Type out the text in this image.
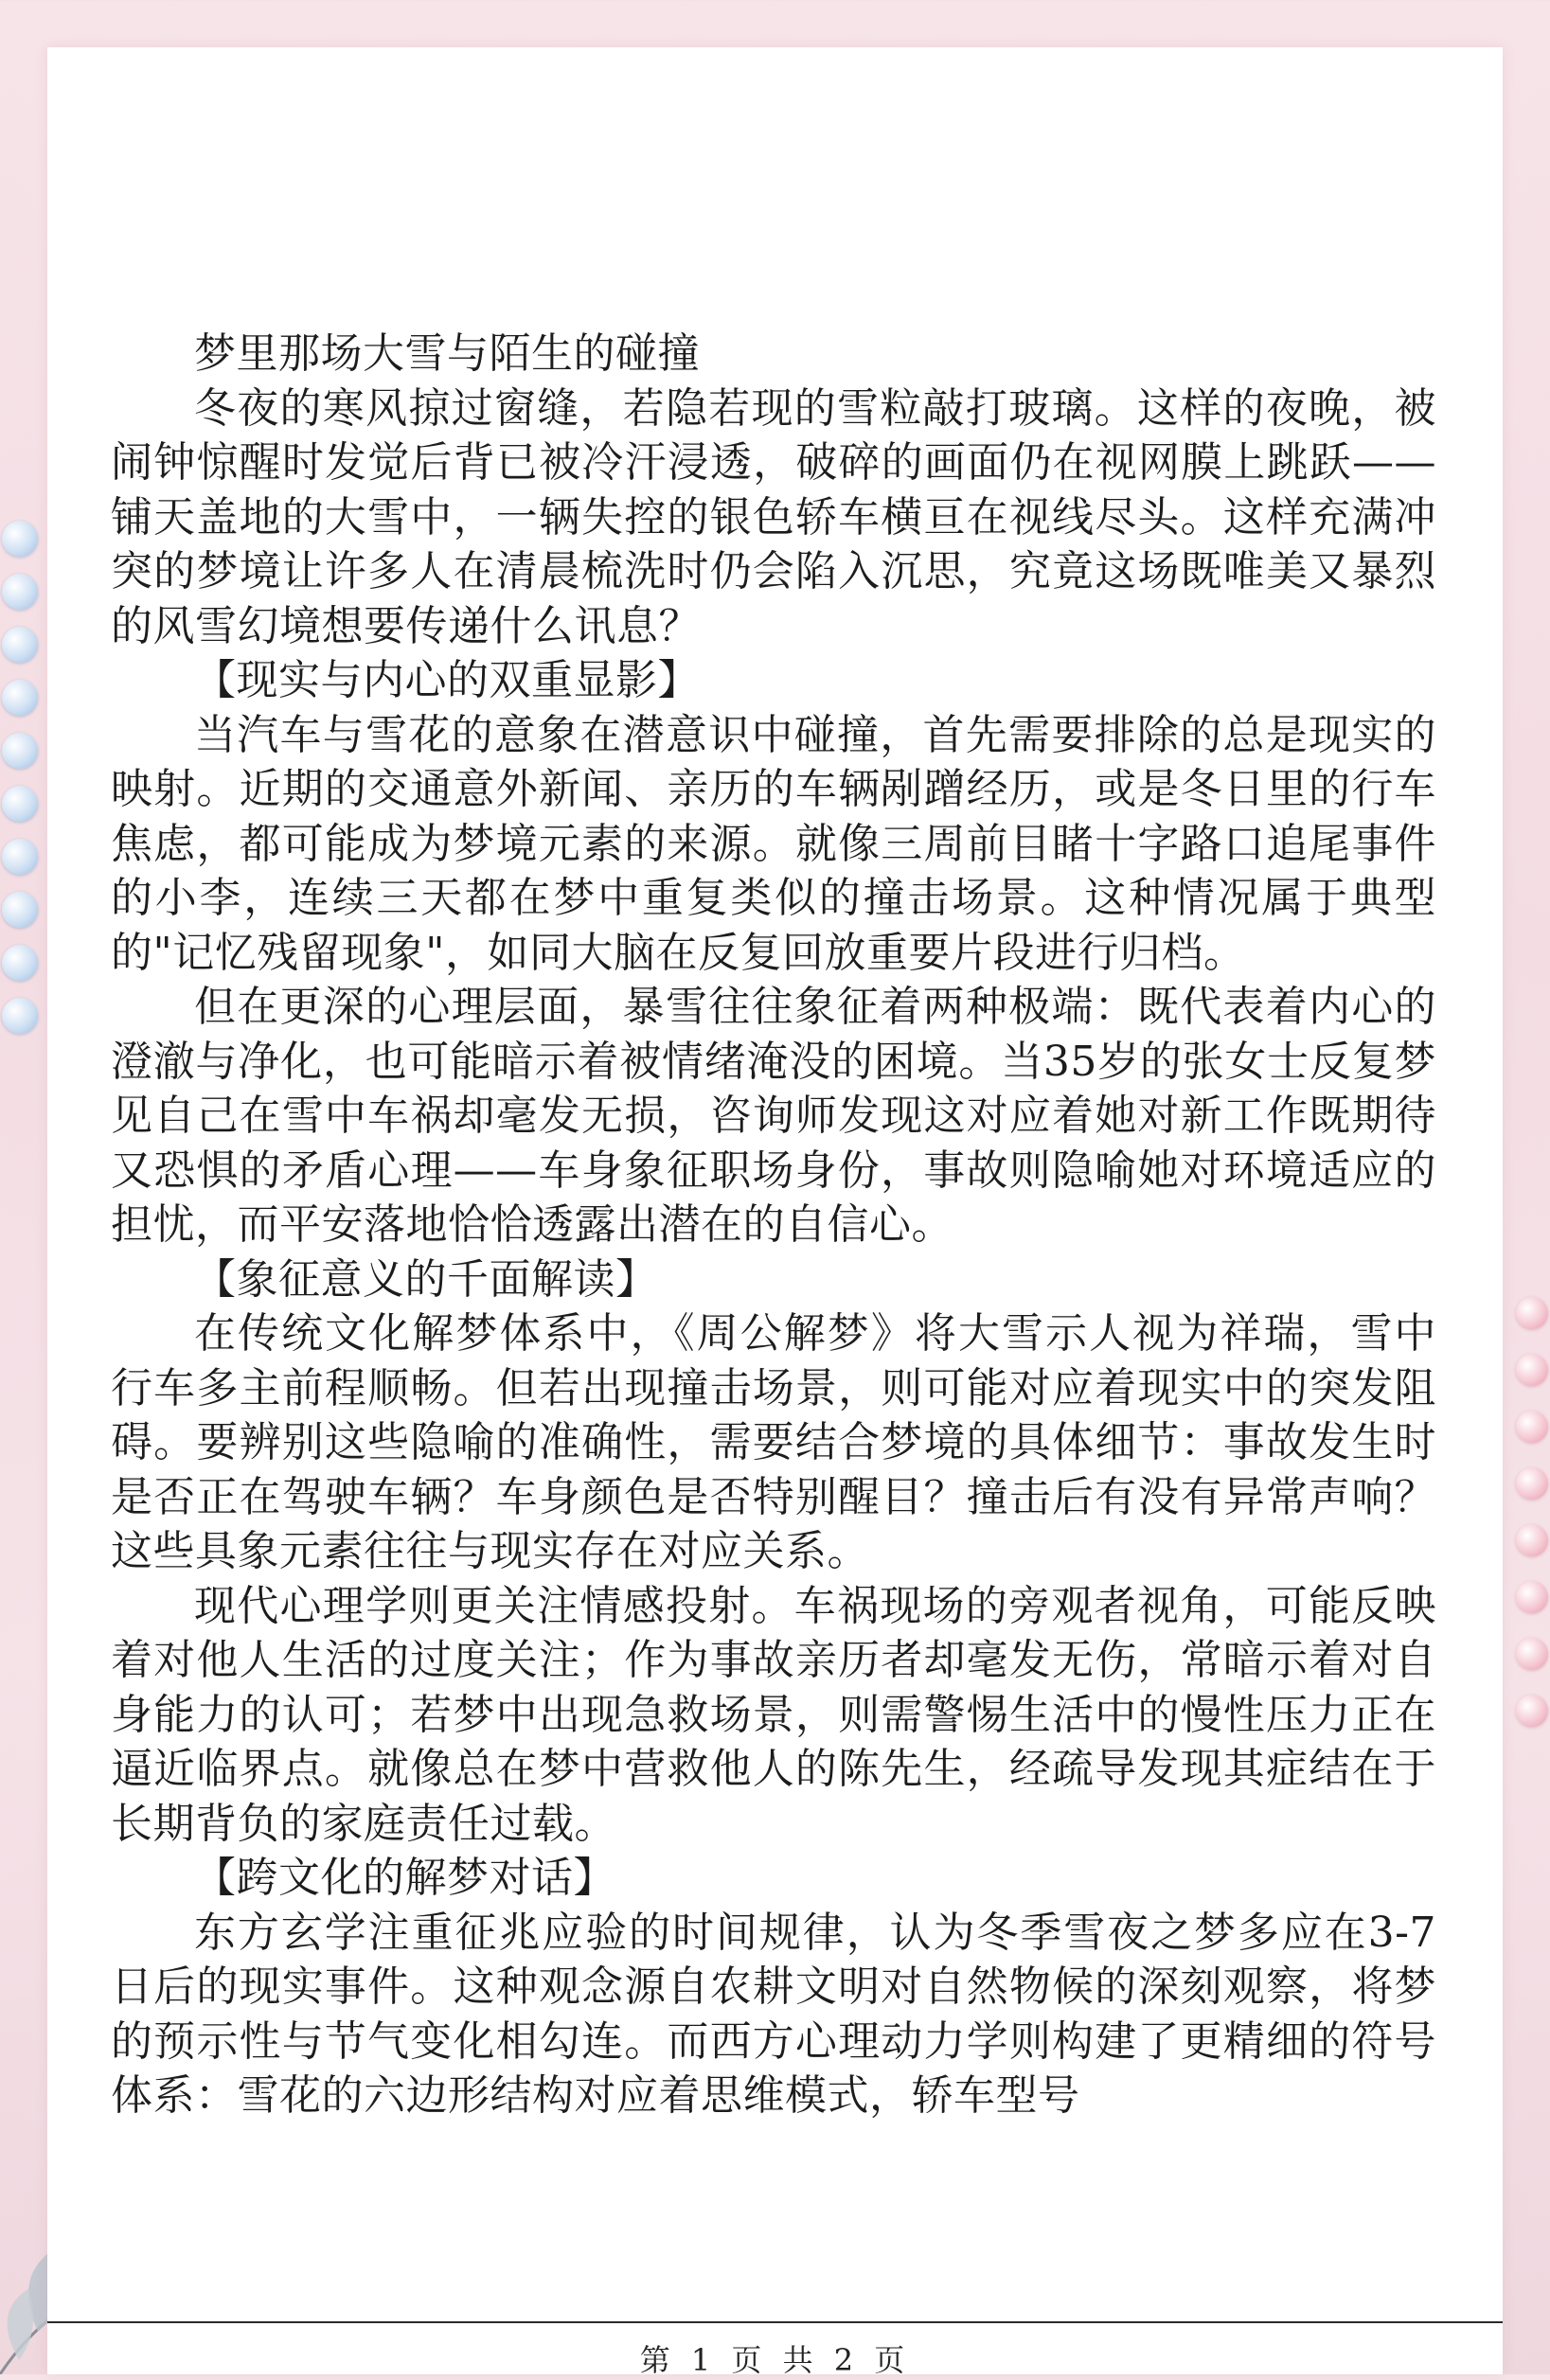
梦里那场大雪与陌生的碰撞

冬夜的寒风掠过窗缝，若隐若现的雪粒敲打玻璃。这样的夜晚，被闹钟惊醒时发觉后背已被冷汗浸透，破碎的画面仍在视网膜上跳跃——铺天盖地的大雪中，一辆失控的银色轿车横亘在视线尽头。这样充满冲突的梦境让许多人在清晨梳洗时仍会陷入沉思，究竟这场既唯美又暴烈的风雪幻境想要传递什么讯息？

【现实与内心的双重显影】

当汽车与雪花的意象在潜意识中碰撞，首先需要排除的总是现实的映射。近期的交通意外新闻、亲历的车辆剐蹭经历，或是冬日里的行车焦虑，都可能成为梦境元素的来源。就像三周前目睹十字路口追尾事件的小李，连续三天都在梦中重复类似的撞击场景。这种情况属于典型的"记忆残留现象"，如同大脑在反复回放重要片段进行归档。

但在更深的心理层面，暴雪往往象征着两种极端：既代表着内心的澄澈与净化，也可能暗示着被情绪淹没的困境。当35岁的张女士反复梦见自己在雪中车祸却毫发无损，咨询师发现这对应着她对新工作既期待又恐惧的矛盾心理——车身象征职场身份，事故则隐喻她对环境适应的担忧，而平安落地恰恰透露出潜在的自信心。

【象征意义的千面解读】

在传统文化解梦体系中，《周公解梦》将大雪示人视为祥瑞，雪中行车多主前程顺畅。但若出现撞击场景，则可能对应着现实中的突发阻碍。要辨别这些隐喻的准确性，需要结合梦境的具体细节：事故发生时是否正在驾驶车辆？车身颜色是否特别醒目？撞击后有没有异常声响？这些具象元素往往与现实存在对应关系。

现代心理学则更关注情感投射。车祸现场的旁观者视角，可能反映着对他人生活的过度关注；作为事故亲历者却毫发无伤，常暗示着对自身能力的认可；若梦中出现急救场景，则需警惕生活中的慢性压力正在逼近临界点。就像总在梦中营救他人的陈先生，经疏导发现其症结在于长期背负的家庭责任过载。

【跨文化的解梦对话】

东方玄学注重征兆应验的时间规律，认为冬季雪夜之梦多应在3-7日后的现实事件。这种观念源自农耕文明对自然物候的深刻观察，将梦的预示性与节气变化相勾连。而西方心理动力学则构建了更精细的符号体系：雪花的六边形结构对应着思维模式，轿车型号

第 1 页 共 2 页
